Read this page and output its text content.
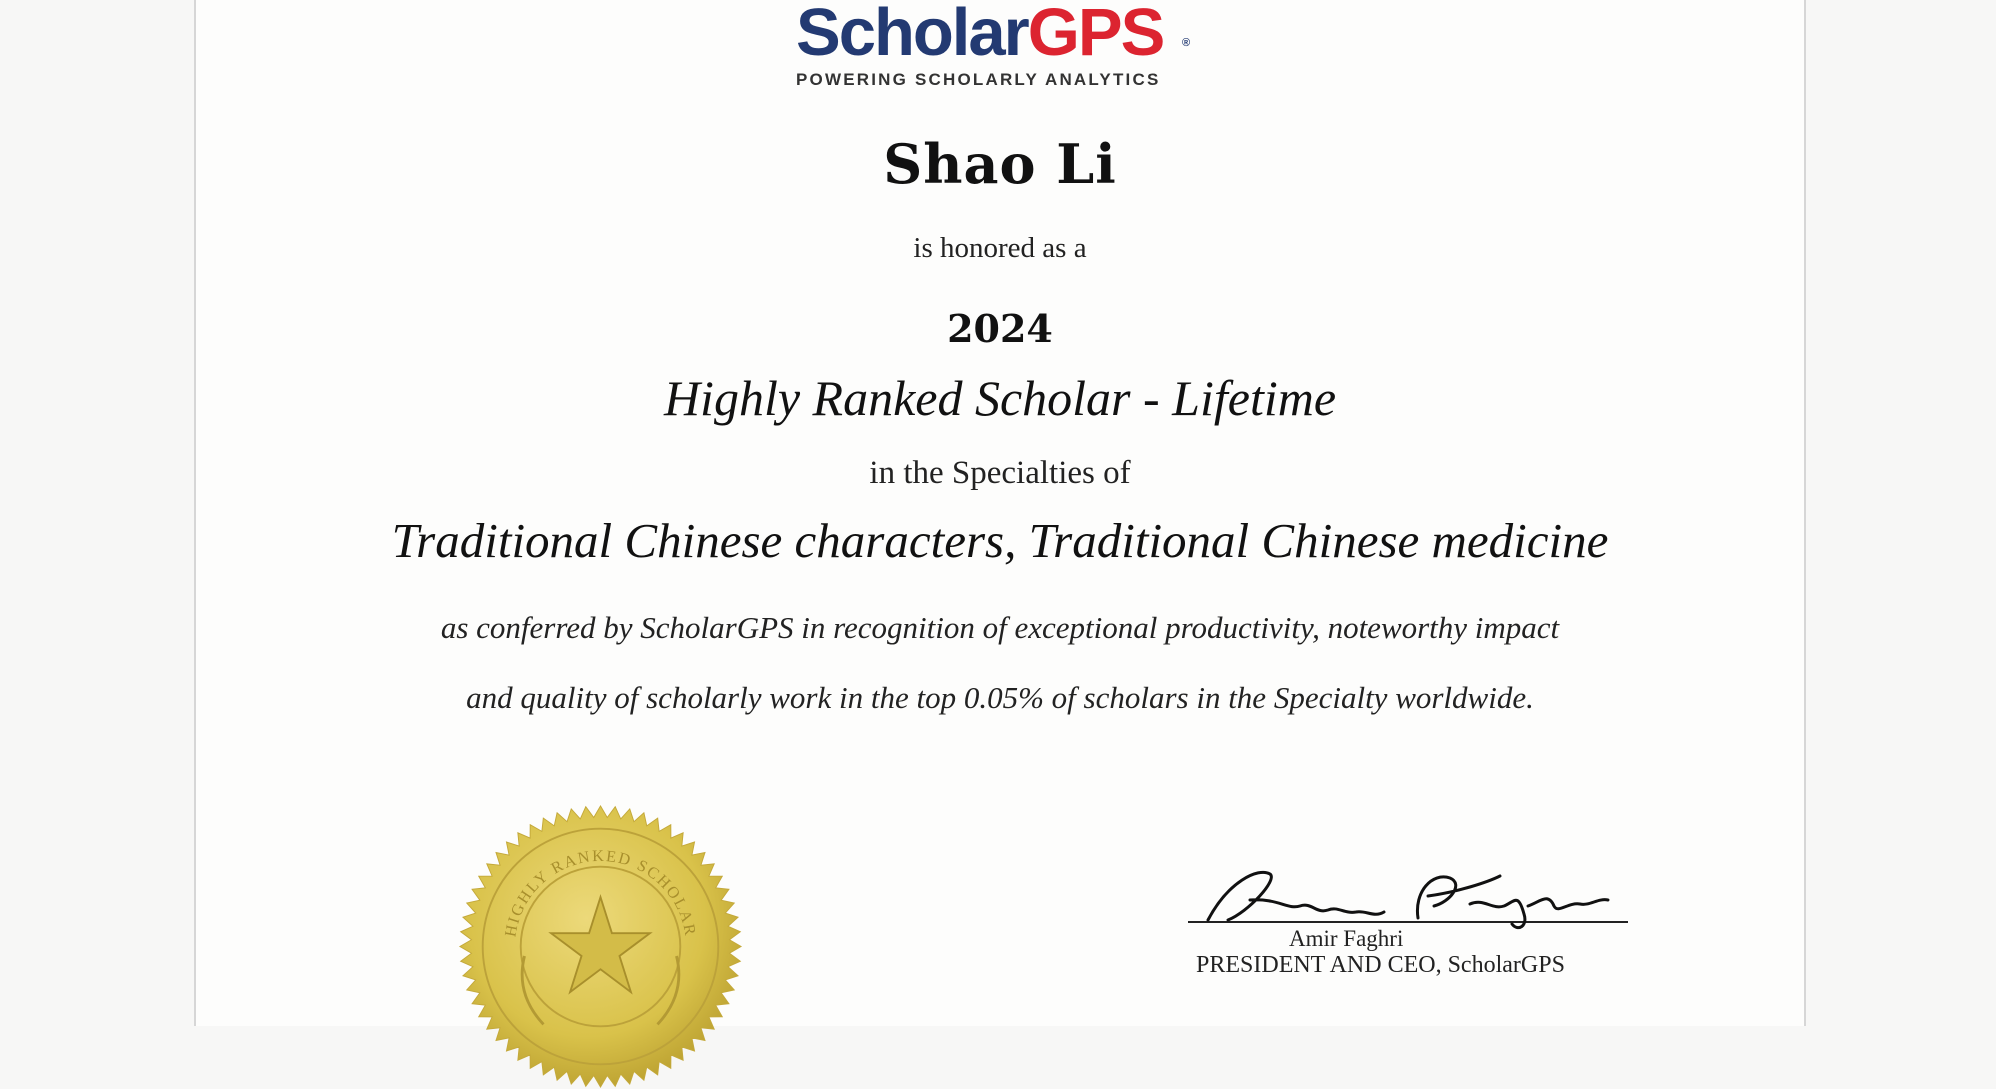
ScholarGPS ®
POWERING SCHOLARLY ANALYTICS
Shao Li
is honored as a
2024
Highly Ranked Scholar - Lifetime
in the Specialties of
Traditional Chinese characters, Traditional Chinese medicine
as conferred by ScholarGPS in recognition of exceptional productivity, noteworthy impact
and quality of scholarly work in the top 0.05% of scholars in the Specialty worldwide.
HIGHLY RANKED SCHOLAR	Amir Faghri
PRESIDENT AND CEO, ScholarGPS
